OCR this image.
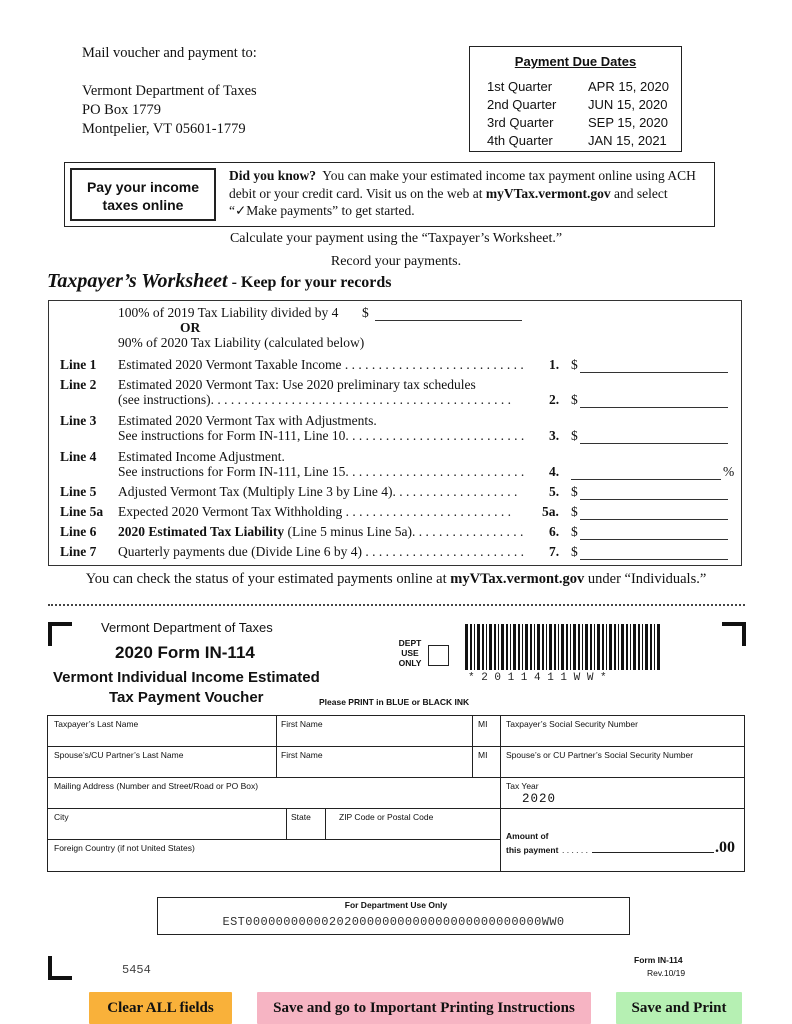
Mail voucher and payment to:
Vermont Department of Taxes
PO Box 1779
Montpelier, VT 05601-1779
Payment Due Dates
1st Quarter	APR 15, 2020
2nd Quarter JUN 15, 2020
3rd Quarter	SEP 15, 2020
4th Quarter	JAN 15, 2021
Pay your income
taxes online
Did you know? You can make your estimated income tax payment online using ACH
debit or your credit card. Visit us on the web at myVTax.vermont.gov and select
“✓Make payments” to get started.
Calculate your payment using the “Taxpayer’s Worksheet.”
Record your payments.
Taxpayer’s Worksheet - Keep for your records
100% of 2019 Tax Liability divided by 4 $
OR
90% of 2020 Tax Liability (calculated below)
Line 1 Estimated 2020 Vermont Taxable Income . . . . . . . . . . . . . . . . . . . . . . . . . . . 1. $
Line 2 Estimated 2020 Vermont Tax: Use 2020 preliminary tax schedules
(see instructions). . . . . . . . . . . . . . . . . . . . . . . . . . . . . . . . . . . . . . . . . . . . .	2. $
Line 3 Estimated 2020 Vermont Tax with Adjustments.
See instructions for Form IN-111, Line 10. . . . . . . . . . . . . . . . . . . . . . . . . . . 3. $
Line 4 Estimated Income Adjustment.
See instructions for Form IN-111, Line 15. . . . . . . . . . . . . . . . . . . . . . . . . . . 4.	%
Line 5 Adjusted Vermont Tax (Multiply Line 3 by Line 4). . . . . . . . . . . . . . . . . . . 5. $
Line 5a Expected 2020 Vermont Tax Withholding . . . . . . . . . . . . . . . . . . . . . . . . . 5a. $
Line 6 2020 Estimated Tax Liability (Line 5 minus Line 5a). . . . . . . . . . . . . . . . . 6. $
Line 7 Quarterly payments due (Divide Line 6 by 4) . . . . . . . . . . . . . . . . . . . . . . . . 7. $
You can check the status of your estimated payments online at myVTax.vermont.gov under “Individuals.”
Vermont Department of Taxes
2020 Form IN-114
Vermont Individual Income Estimated
Tax Payment Voucher	Please PRINT in BLUE or BLACK INK
DEPT
USE
ONLY
* 2 0 1 1 4 1 1 W W *
Taxpayer’s Last Name	First Name	MI Taxpayer’s Social Security Number
Spouse’s/CU Partner’s Last Name	First Name	MI Spouse’s or CU Partner’s Social Security Number
Mailing Address (Number and Street/Road or PO Box)	Tax Year
2020
City	State	ZIP Code or Postal Code
Foreign Country (if not United States)
Amount of
this payment . . . . . .	.00
For Department Use Only
EST000000000002020000000000000000000000000WW0
5454
Form IN-114
Rev.10/19
Clear ALL fields	Save and go to Important Printing Instructions	Save and Print
